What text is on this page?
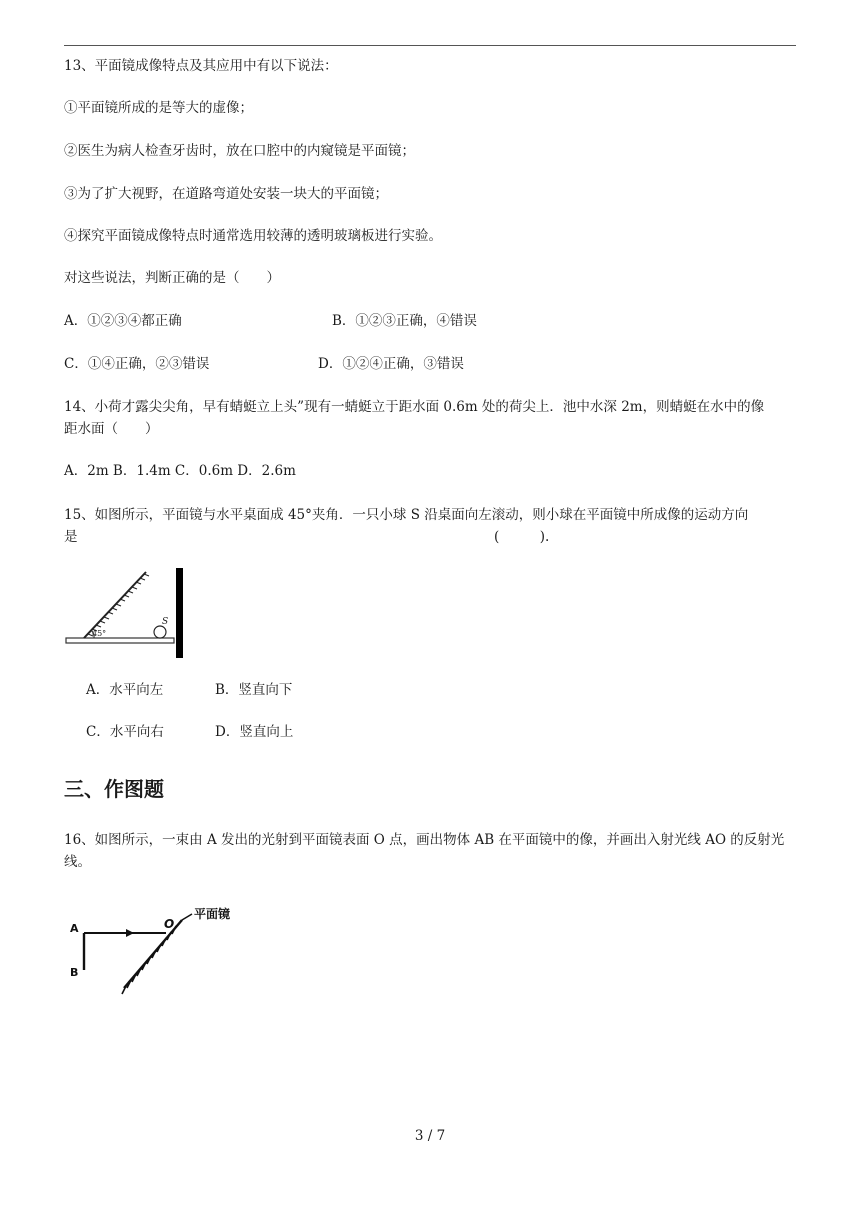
13、平面镜成像特点及其应用中有以下说法：
①平面镜所成的是等大的虚像；
②医生为病人检查牙齿时，放在口腔中的内窥镜是平面镜；
③为了扩大视野，在道路弯道处安装一块大的平面镜；
④探究平面镜成像特点时通常选用较薄的透明玻璃板进行实验。
对这些说法，判断正确的是（　　）
A．①②③④都正确	B．①②③正确，④错误
C．①④正确，②③错误	D．①②④正确，③错误
14、小荷才露尖尖角，早有蜻蜓立上头”现有一蜻蜓立于距水面 0.6m 处的荷尖上．池中水深 2m，则蜻蜓在水中的像
距水面（　　）
A．2m B．1.4m C．0.6m D．2.6m
15、如图所示，平面镜与水平桌面成 45°夹角．一只小球 S 沿桌面向左滚动，则小球在平面镜中所成像的运动方向
是	(　　　).
45°
S
A．水平向左	B．竖直向下
C．水平向右	D．竖直向上
三、作图题
16、如图所示，一束由 A 发出的光射到平面镜表面 O 点，画出物体 AB 在平面镜中的像，并画出入射光线 AO 的反射光
线。
A
B
O
平面镜
3 / 7
